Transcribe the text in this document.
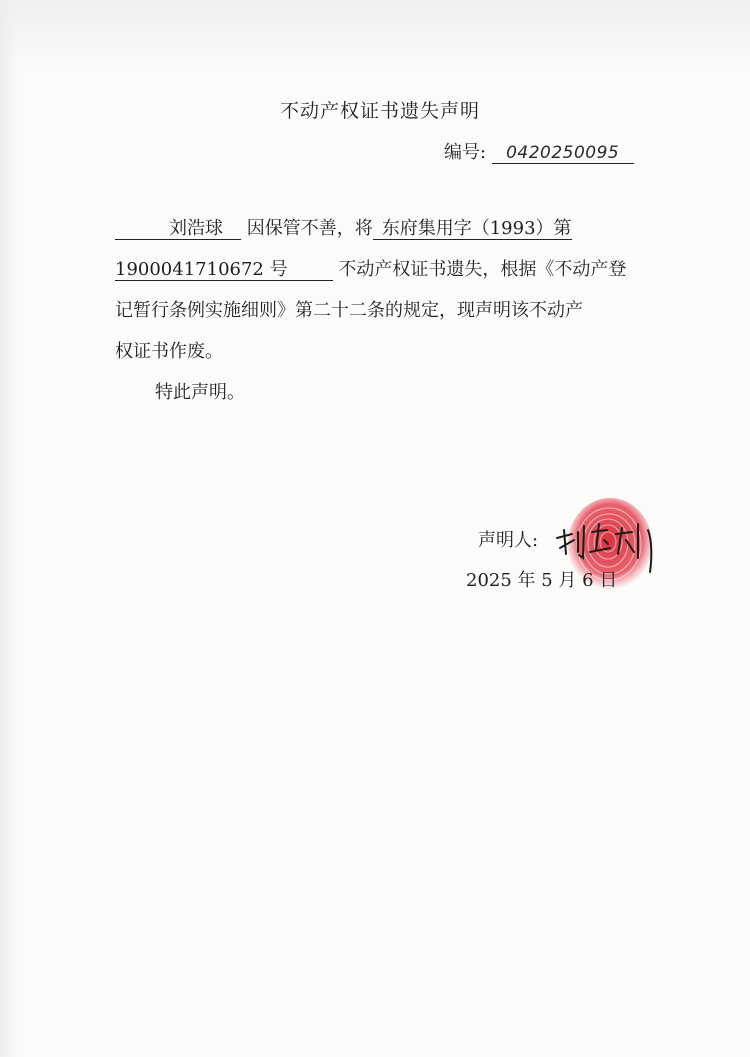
不动产权证书遗失声明
编号: 0420250095
　　　刘浩球　 因保管不善，将  东府集用字（1993）第
1900041710672 号　　 	不动产权证书遗失，根据《不动产登
记暂行条例实施细则》第二十二条的规定，现声明该不动产
权证书作废。
特此声明。
声明人:
2025 年 5 月 6 日
